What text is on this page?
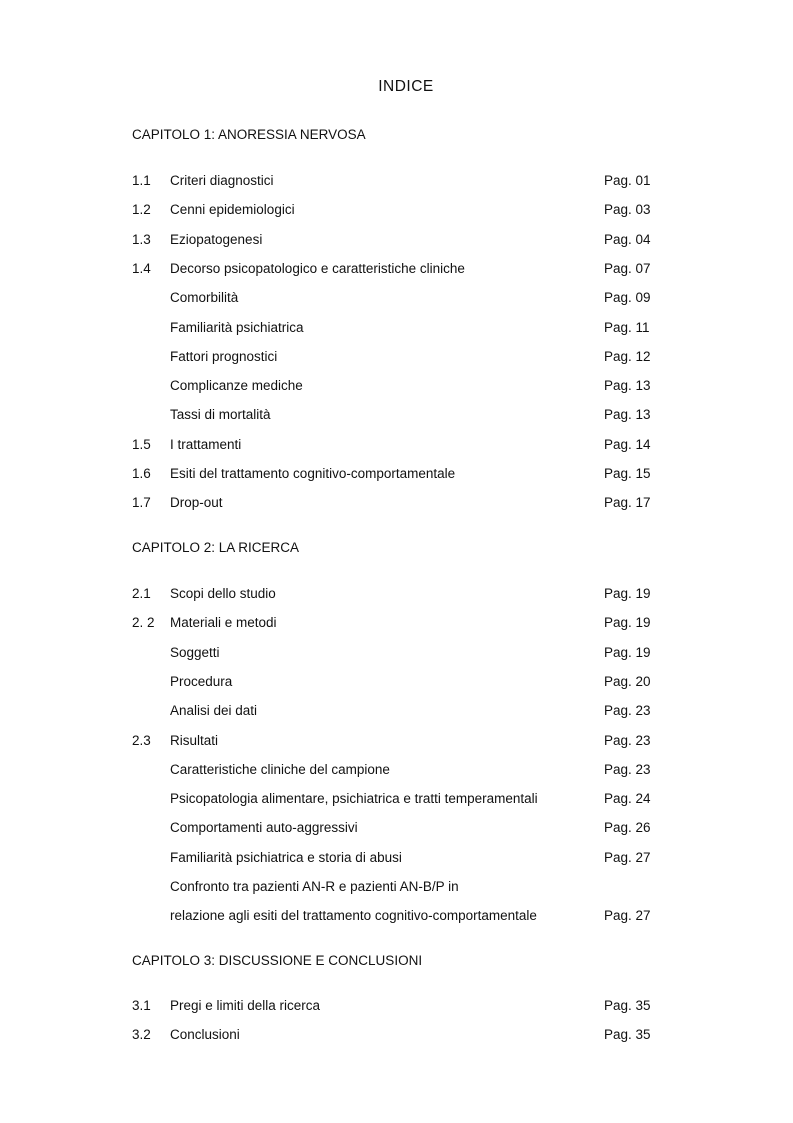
INDICE
CAPITOLO 1: ANORESSIA NERVOSA
1.1 Criteri diagnostici	Pag. 01
1.2 Cenni epidemiologici	Pag. 03
1.3 Eziopatogenesi	Pag. 04
1.4 Decorso psicopatologico e caratteristiche cliniche	Pag. 07
Comorbilità	Pag. 09
Familiarità psichiatrica	Pag. 11
Fattori prognostici	Pag. 12
Complicanze mediche	Pag. 13
Tassi di mortalità	Pag. 13
1.5 I trattamenti	Pag. 14
1.6 Esiti del trattamento cognitivo-comportamentale	Pag. 15
1.7 Drop-out	Pag. 17
CAPITOLO 2: LA RICERCA
2.1 Scopi dello studio	Pag. 19
2. 2 Materiali e metodi	Pag. 19
Soggetti	Pag. 19
Procedura	Pag. 20
Analisi dei dati	Pag. 23
2.3 Risultati	Pag. 23
Caratteristiche cliniche del campione	Pag. 23
Psicopatologia alimentare, psichiatrica e tratti temperamentali	Pag. 24
Comportamenti auto-aggressivi	Pag. 26
Familiarità psichiatrica e storia di abusi	Pag. 27
Confronto tra pazienti AN-R e pazienti AN-B/P in
relazione agli esiti del trattamento cognitivo-comportamentale	Pag. 27
CAPITOLO 3: DISCUSSIONE E CONCLUSIONI
3.1 Pregi e limiti della ricerca	Pag. 35
3.2 Conclusioni	Pag. 35
